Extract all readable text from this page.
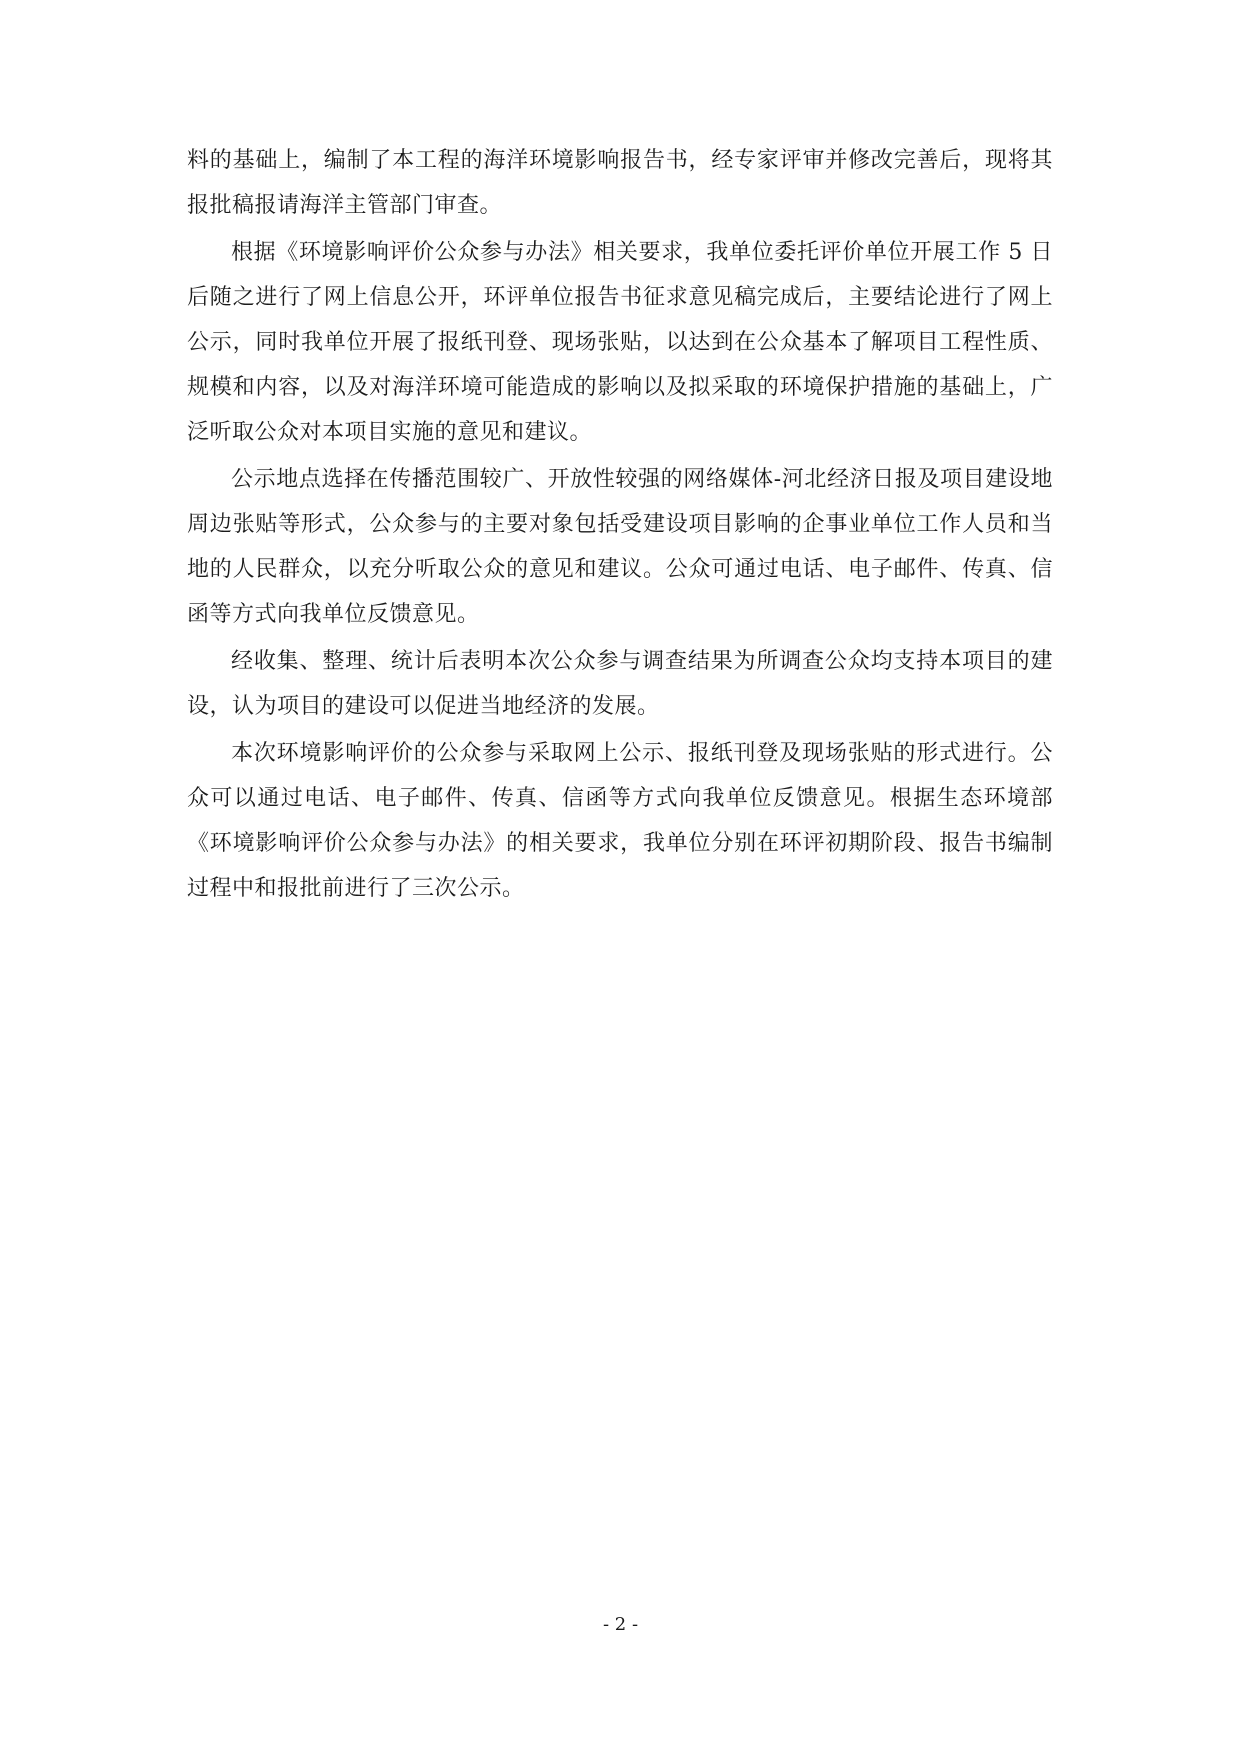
料的基础上，编制了本工程的海洋环境影响报告书，经专家评审并修改完善后，现将其报批稿报请海洋主管部门审查。

根据《环境影响评价公众参与办法》相关要求，我单位委托评价单位开展工作 5 日后随之进行了网上信息公开，环评单位报告书征求意见稿完成后，主要结论进行了网上公示，同时我单位开展了报纸刊登、现场张贴，以达到在公众基本了解项目工程性质、规模和内容，以及对海洋环境可能造成的影响以及拟采取的环境保护措施的基础上，广泛听取公众对本项目实施的意见和建议。

公示地点选择在传播范围较广、开放性较强的网络媒体-河北经济日报及项目建设地周边张贴等形式，公众参与的主要对象包括受建设项目影响的企事业单位工作人员和当地的人民群众，以充分听取公众的意见和建议。公众可通过电话、电子邮件、传真、信函等方式向我单位反馈意见。

经收集、整理、统计后表明本次公众参与调查结果为所调查公众均支持本项目的建设，认为项目的建设可以促进当地经济的发展。

本次环境影响评价的公众参与采取网上公示、报纸刊登及现场张贴的形式进行。公众可以通过电话、电子邮件、传真、信函等方式向我单位反馈意见。根据生态环境部《环境影响评价公众参与办法》的相关要求，我单位分别在环评初期阶段、报告书编制过程中和报批前进行了三次公示。

- 2 -
